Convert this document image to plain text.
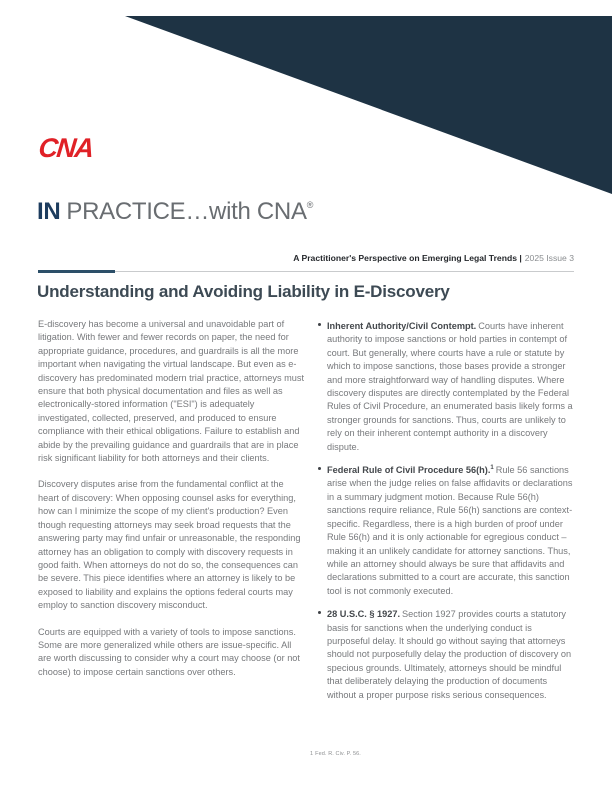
CNA
IN PRACTICE…with CNA®
A Practitioner's Perspective on Emerging Legal Trends | 2025 Issue 3
Understanding and Avoiding Liability in E-Discovery

E-discovery has become a universal and unavoidable part of litigation. With fewer and fewer records on paper, the need for appropriate guidance, procedures, and guardrails is all the more important when navigating the virtual landscape. But even as e-discovery has predominated modern trial practice, attorneys must ensure that both physical documentation and files as well as electronically-stored information ("ESI") is adequately investigated, collected, preserved, and produced to ensure compliance with their ethical obligations. Failure to establish and abide by the prevailing guidance and guardrails that are in place risk significant liability for both attorneys and their clients.

Discovery disputes arise from the fundamental conflict at the heart of discovery: When opposing counsel asks for everything, how can I minimize the scope of my client's production? Even though requesting attorneys may seek broad requests that the answering party may find unfair or unreasonable, the responding attorney has an obligation to comply with discovery requests in good faith. When attorneys do not do so, the consequences can be severe. This piece identifies where an attorney is likely to be exposed to liability and explains the options federal courts may employ to sanction discovery misconduct.

Courts are equipped with a variety of tools to impose sanctions. Some are more generalized while others are issue-specific. All are worth discussing to consider why a court may choose (or not choose) to impose certain sanctions over others.

Inherent Authority/Civil Contempt. Courts have inherent authority to impose sanctions or hold parties in contempt of court. But generally, where courts have a rule or statute by which to impose sanctions, those bases provide a stronger and more straightforward way of handling disputes. Where discovery disputes are directly contemplated by the Federal Rules of Civil Procedure, an enumerated basis likely forms a stronger grounds for sanctions. Thus, courts are unlikely to rely on their inherent contempt authority in a discovery dispute.
Federal Rule of Civil Procedure 56(h).$^1$ Rule 56 sanctions arise when the judge relies on false affidavits or declarations in a summary judgment motion. Because Rule 56(h) sanctions require reliance, Rule 56(h) sanctions are context-specific. Regardless, there is a high burden of proof under Rule 56(h) and it is only actionable for egregious conduct – making it an unlikely candidate for attorney sanctions. Thus, while an attorney should always be sure that affidavits and declarations submitted to a court are accurate, this sanction tool is not commonly executed.
28 U.S.C. § 1927. Section 1927 provides courts a statutory basis for sanctions when the underlying conduct is purposeful delay. It should go without saying that attorneys should not purposefully delay the production of discovery on specious grounds. Ultimately, attorneys should be mindful that deliberately delaying the production of documents without a proper purpose risks serious consequences.
1 Fed. R. Civ. P. 56.
